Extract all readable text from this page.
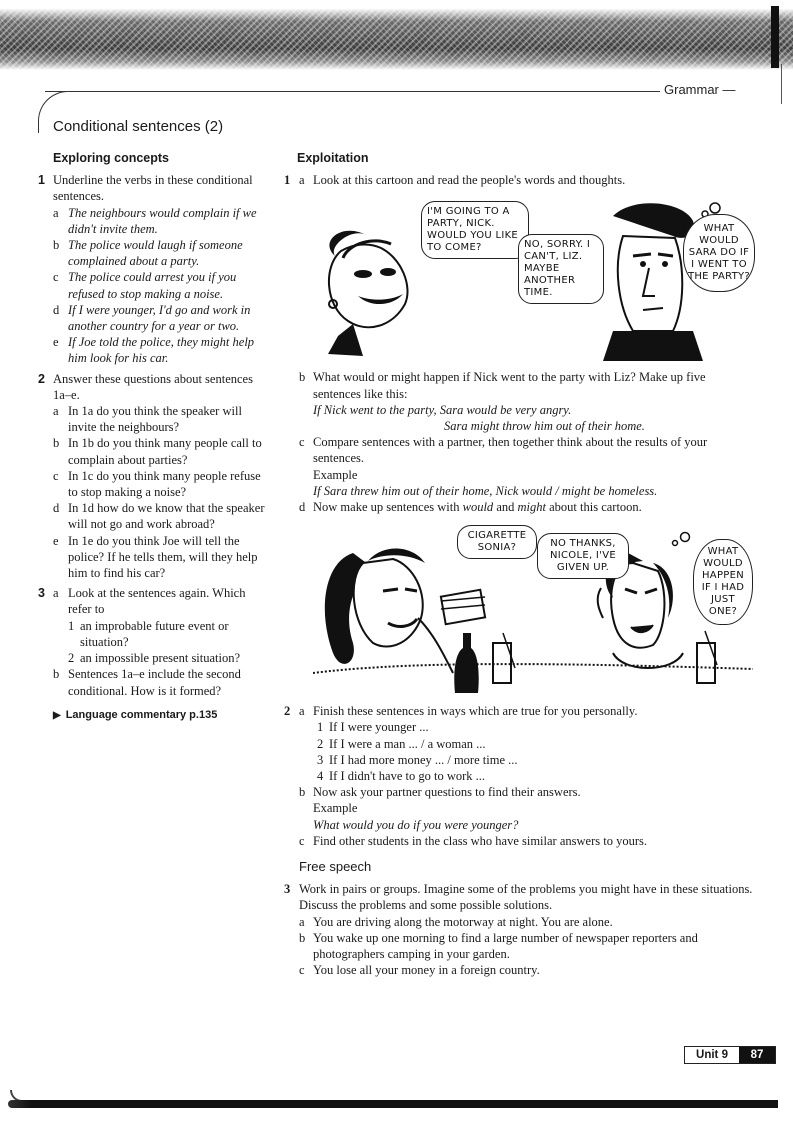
Grammar —
Conditional sentences (2)
Exploring concepts
1 Underline the verbs in these conditional sentences.
a The neighbours would complain if we didn't invite them.
b The police would laugh if someone complained about a party.
c The police could arrest you if you refused to stop making a noise.
d If I were younger, I'd go and work in another country for a year or two.
e If Joe told the police, they might help him look for his car.
2 Answer these questions about sentences 1a–e.
a In 1a do you think the speaker will invite the neighbours?
b In 1b do you think many people call to complain about parties?
c In 1c do you think many people refuse to stop making a noise?
d In 1d how do we know that the speaker will not go and work abroad?
e In 1e do you think Joe will tell the police? If he tells them, will they help him to find his car?
3 a Look at the sentences again. Which refer to
1 an improbable future event or situation?
2 an impossible present situation?
b Sentences 1a–e include the second conditional. How is it formed?
▶ Language commentary p.135
Exploitation
1 a Look at this cartoon and read the people's words and thoughts.
I'M GOING TO A PARTY, NICK. WOULD YOU LIKE TO COME?	NO, SORRY. I CAN'T, LIZ. MAYBE ANOTHER TIME.
WHAT WOULD SARA DO IF I WENT TO THE PARTY?
b What would or might happen if Nick went to the party with Liz? Make up five sentences like this:
If Nick went to the party, Sara would be very angry.
Sara might throw him out of their home.
c Compare sentences with a partner, then together think about the results of your sentences.
Example
If Sara threw him out of their home, Nick would / might be homeless.
d Now make up sentences with would and might about this cartoon.
CIGARETTE SONIA?	NO THANKS, NICOLE, I'VE GIVEN UP.
WHAT WOULD HAPPEN IF I HAD JUST ONE?
2 a Finish these sentences in ways which are true for you personally.
1 If I were younger ...
2 If I were a man ... / a woman ...
3 If I had more money ... / more time ...
4 If I didn't have to go to work ...
b Now ask your partner questions to find their answers.
Example
What would you do if you were younger?
c Find other students in the class who have similar answers to yours.
Free speech
3 Work in pairs or groups. Imagine some of the problems you might have in these situations. Discuss the problems and some possible solutions.
a You are driving along the motorway at night. You are alone.
b You wake up one morning to find a large number of newspaper reporters and photographers camping in your garden.
c You lose all your money in a foreign country.
Unit 9	87
